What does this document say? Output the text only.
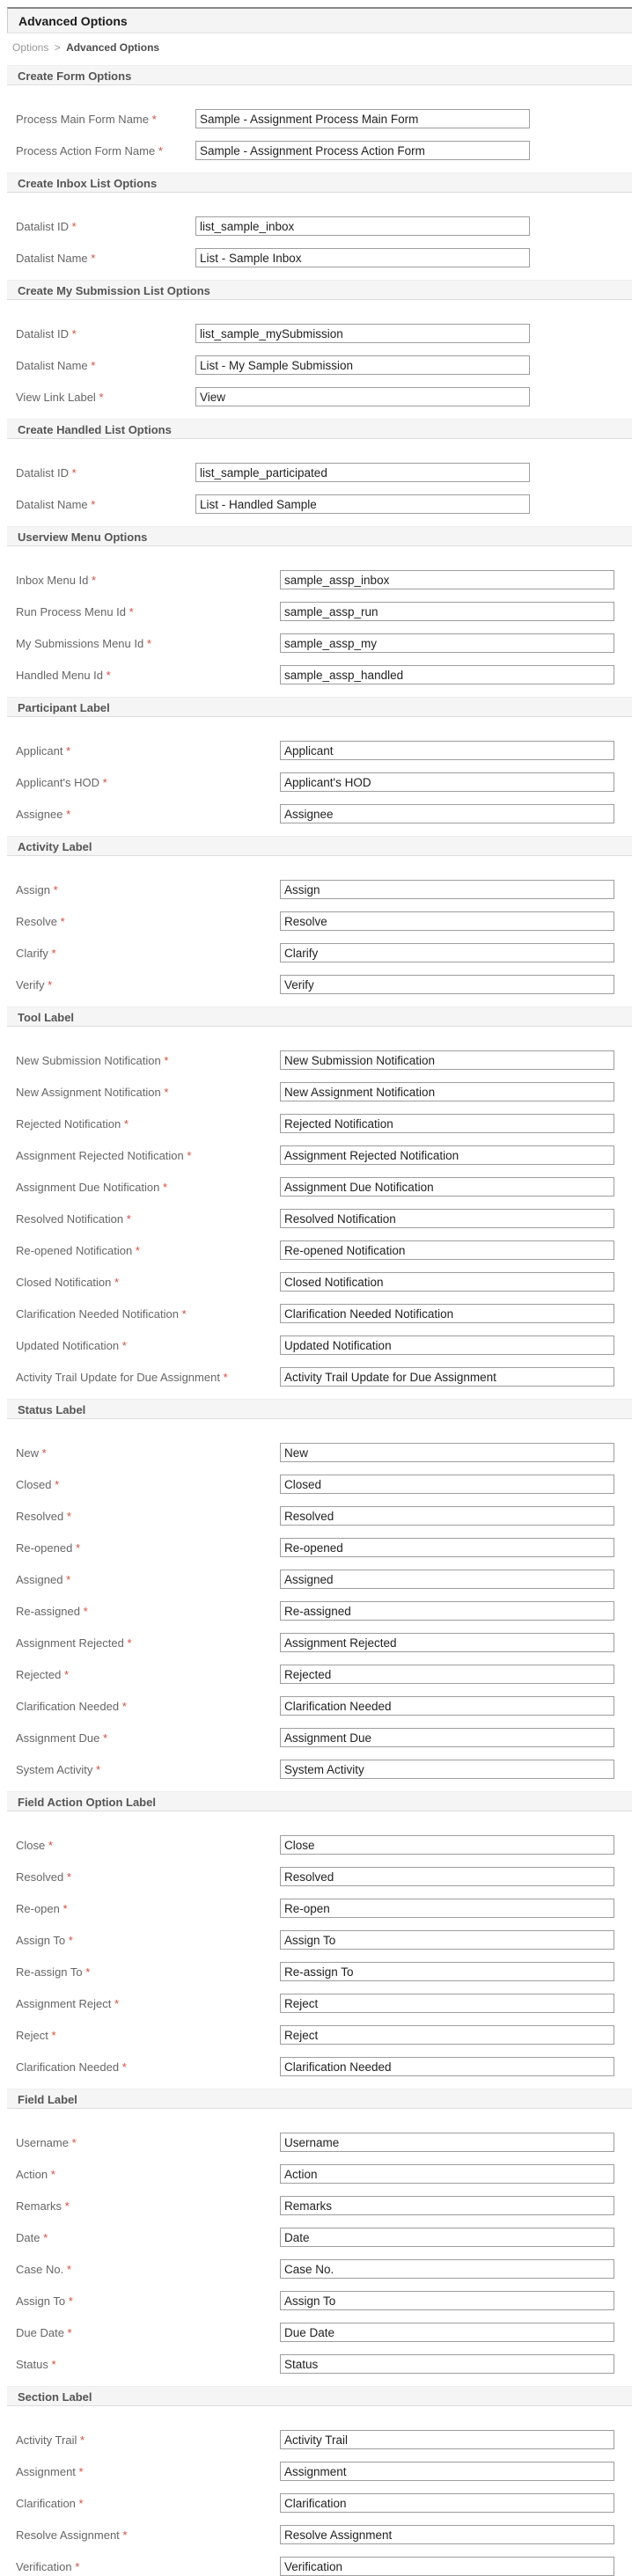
Advanced Options
Options > Advanced Options
Create Form Options
Process Main Form Name *
Sample - Assignment Process Main Form
Process Action Form Name *
Sample - Assignment Process Action Form
Create Inbox List Options
Datalist ID *
list_sample_inbox
Datalist Name *
List - Sample Inbox
Create My Submission List Options
Datalist ID *
list_sample_mySubmission
Datalist Name *
List - My Sample Submission
View Link Label *
View
Create Handled List Options
Datalist ID *
list_sample_participated
Datalist Name *
List - Handled Sample
Userview Menu Options
Inbox Menu Id *
sample_assp_inbox
Run Process Menu Id *
sample_assp_run
My Submissions Menu Id *
sample_assp_my
Handled Menu Id *
sample_assp_handled
Participant Label
Applicant *
Applicant
Applicant's HOD *
Applicant's HOD
Assignee *
Assignee
Activity Label
Assign *
Assign
Resolve *
Resolve
Clarify *
Clarify
Verify *
Verify
Tool Label
New Submission Notification *
New Submission Notification
New Assignment Notification *
New Assignment Notification
Rejected Notification *
Rejected Notification
Assignment Rejected Notification *
Assignment Rejected Notification
Assignment Due Notification *
Assignment Due Notification
Resolved Notification *
Resolved Notification
Re-opened Notification *
Re-opened Notification
Closed Notification *
Closed Notification
Clarification Needed Notification *
Clarification Needed Notification
Updated Notification *
Updated Notification
Activity Trail Update for Due Assignment *
Activity Trail Update for Due Assignment
Status Label
New *
New
Closed *
Closed
Resolved *
Resolved
Re-opened *
Re-opened
Assigned *
Assigned
Re-assigned *
Re-assigned
Assignment Rejected *
Assignment Rejected
Rejected *
Rejected
Clarification Needed *
Clarification Needed
Assignment Due *
Assignment Due
System Activity *
System Activity
Field Action Option Label
Close *
Close
Resolved *
Resolved
Re-open *
Re-open
Assign To *
Assign To
Re-assign To *
Re-assign To
Assignment Reject *
Reject
Reject *
Reject
Clarification Needed *
Clarification Needed
Field Label
Username *
Username
Action *
Action
Remarks *
Remarks
Date *
Date
Case No. *
Case No.
Assign To *
Assign To
Due Date *
Due Date
Status *
Status
Section Label
Activity Trail *
Activity Trail
Assignment *
Assignment
Clarification *
Clarification
Resolve Assignment *
Resolve Assignment
Verification *
Verification
